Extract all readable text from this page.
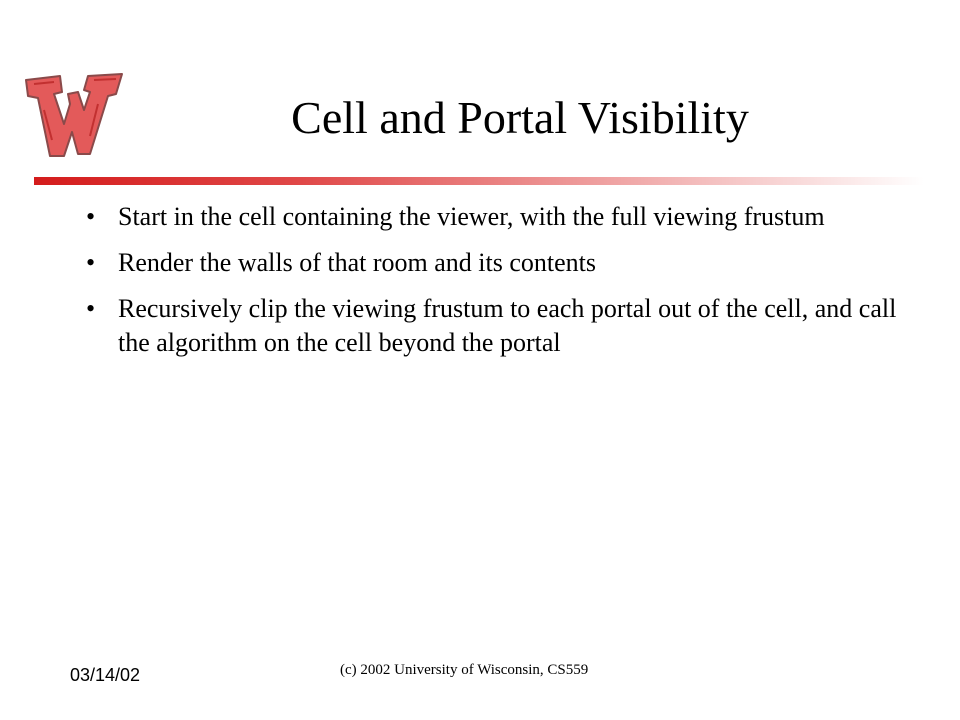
Cell and Portal Visibility
• Start in the cell containing the viewer, with the full viewing frustum
• Render the walls of that room and its contents
• Recursively clip the viewing frustum to each portal out of the cell, and call the algorithm on the cell beyond the portal
03/14/02	(c) 2002 University of Wisconsin, CS559
